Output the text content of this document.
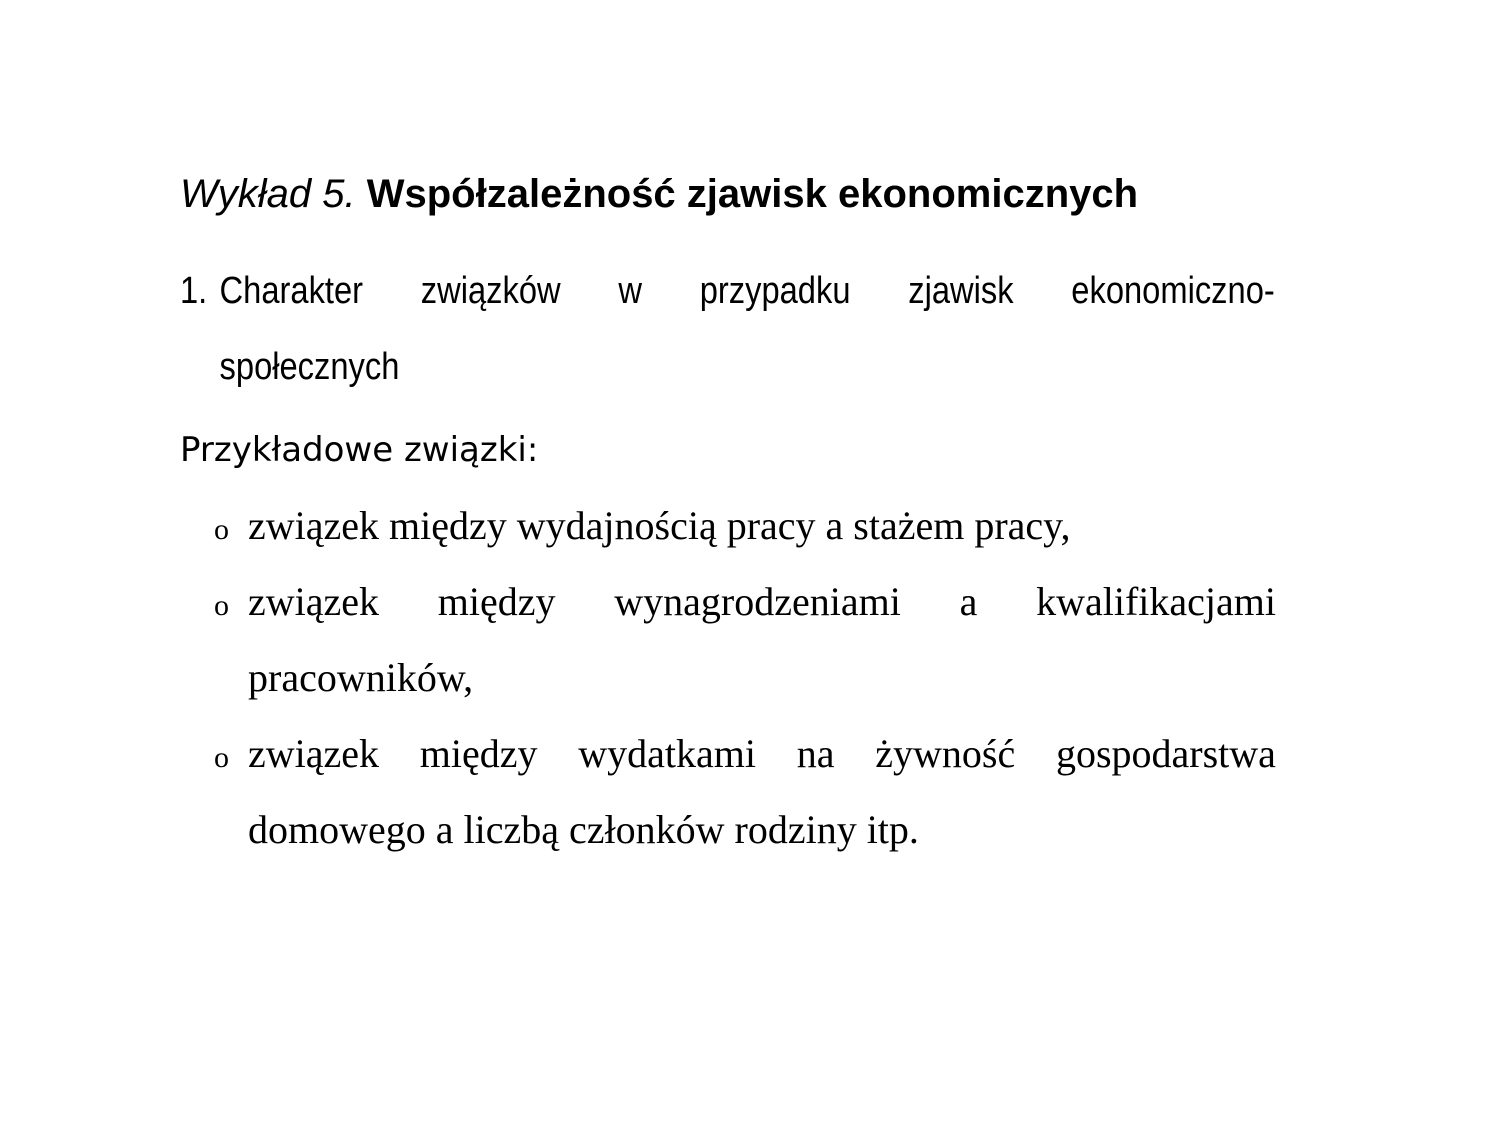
Wykład 5. Współzależność zjawisk ekonomicznych
1. Charakter związków w przypadku zjawisk ekonomiczno-
społecznych
Przykładowe związki:
o związek między wydajnością pracy a stażem pracy,
o związek między wynagrodzeniami a kwalifikacjami
pracowników,
o związek między wydatkami na żywność gospodarstwa
domowego a liczbą członków rodziny itp.
